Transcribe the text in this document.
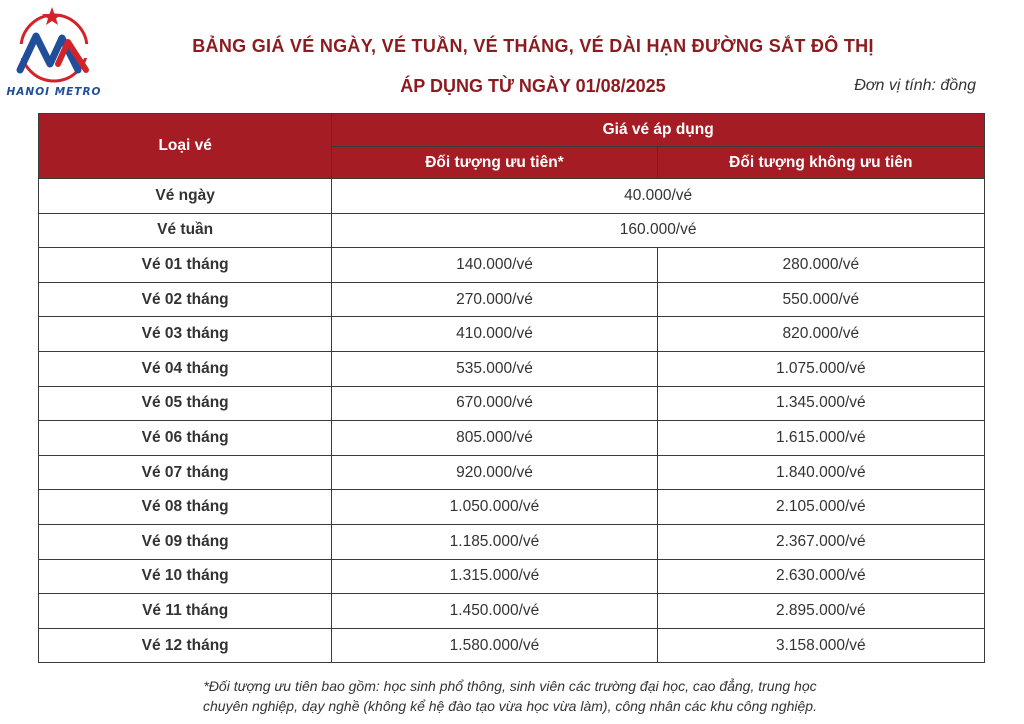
HANOI METRO
BẢNG GIÁ VÉ NGÀY, VÉ TUẦN, VÉ THÁNG, VÉ DÀI HẠN ĐƯỜNG SẮT ĐÔ THỊ
ÁP DỤNG TỪ NGÀY 01/08/2025	Đơn vị tính: đồng
Loại vé	Giá vé áp dụng	
	Đối tượng ưu tiên*	Đối tượng không ưu tiên
Vé ngày	40.000/vé	
Vé tuần	160.000/vé	
Vé 01 tháng	140.000/vé	280.000/vé
Vé 02 tháng	270.000/vé	550.000/vé
Vé 03 tháng	410.000/vé	820.000/vé
Vé 04 tháng	535.000/vé	1.075.000/vé
Vé 05 tháng	670.000/vé	1.345.000/vé
Vé 06 tháng	805.000/vé	1.615.000/vé
Vé 07 tháng	920.000/vé	1.840.000/vé
Vé 08 tháng	1.050.000/vé	2.105.000/vé
Vé 09 tháng	1.185.000/vé	2.367.000/vé
Vé 10 tháng	1.315.000/vé	2.630.000/vé
Vé 11 tháng	1.450.000/vé	2.895.000/vé
Vé 12 tháng	1.580.000/vé	3.158.000/vé
*Đối tượng ưu tiên bao gồm: học sinh phổ thông, sinh viên các trường đại học, cao đẳng, trung học
chuyên nghiệp, dạy nghề (không kể hệ đào tạo vừa học vừa làm), công nhân các khu công nghiệp.
